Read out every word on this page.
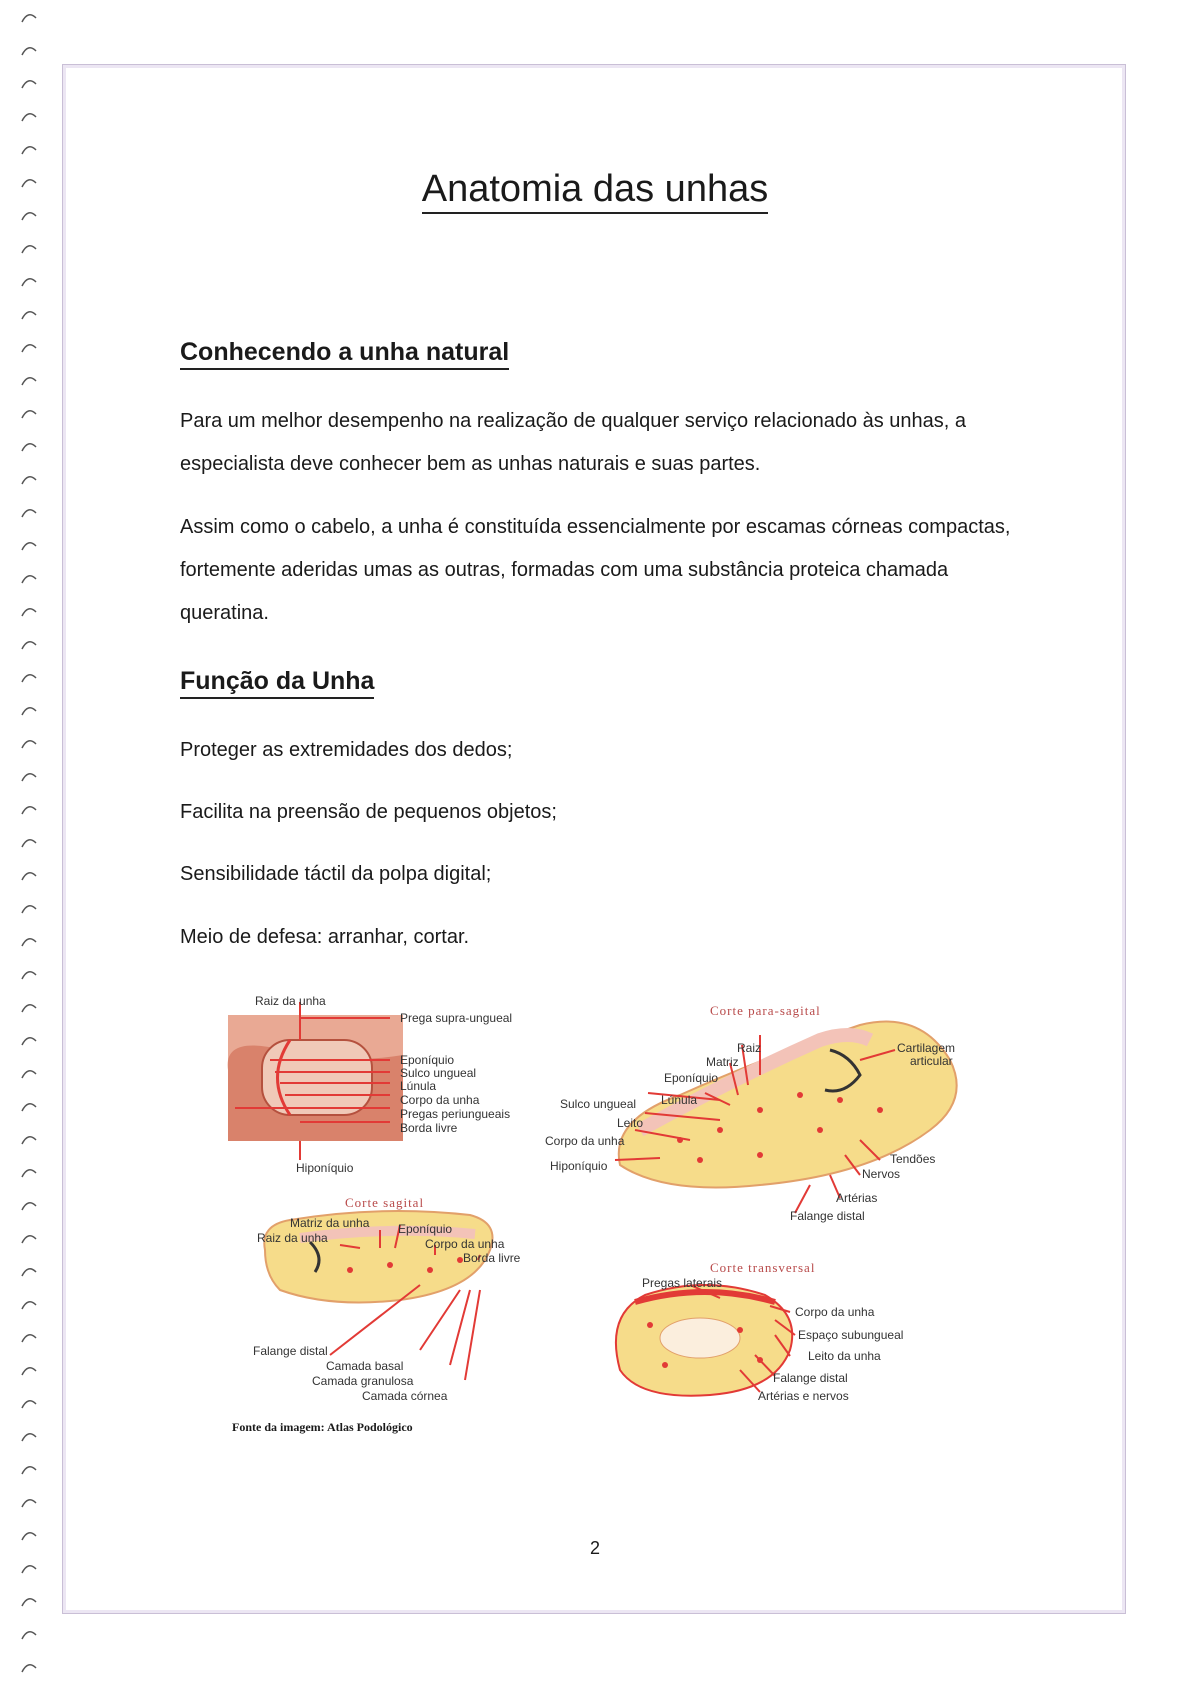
Anatomia das unhas
Conhecendo a unha natural

Para um melhor desempenho na realização de qualquer serviço relacionado às unhas, a especialista deve conhecer bem as unhas naturais e suas partes.

Assim como o cabelo, a unha é constituída essencialmente por escamas córneas compactas, fortemente aderidas umas as outras, formadas com uma substância proteica chamada queratina.

Função da Unha

Proteger as extremidades dos dedos;

Facilita na preensão de pequenos objetos;

Sensibilidade táctil da polpa digital;

Meio de defesa: arranhar, cortar.

Raiz da unha
Hiponíquio
Prega supra-ungueal
Eponíquio
Sulco ungueal
Lúnula
Corpo da unha
Pregas periungueais
Borda livre
Corte para-sagital
Raiz
Matriz
Eponíquio
Sulco ungueal Lúnula
Leito
Corpo da unha
Hiponíquio
Cartilagem
articular
Tendões
Nervos
Artérias
Falange distal
Corte sagital
Matriz da unha
Raiz da unha
Eponíquio
Corpo da unha
Borda livre
Falange distal
Camada basal
Camada granulosa
Camada córnea
Corte transversal
Pregas laterais
Corpo da unha
Espaço subungueal
Leito da unha
Falange distal
Artérias e nervos
Fonte da imagem: Atlas Podológico
2
